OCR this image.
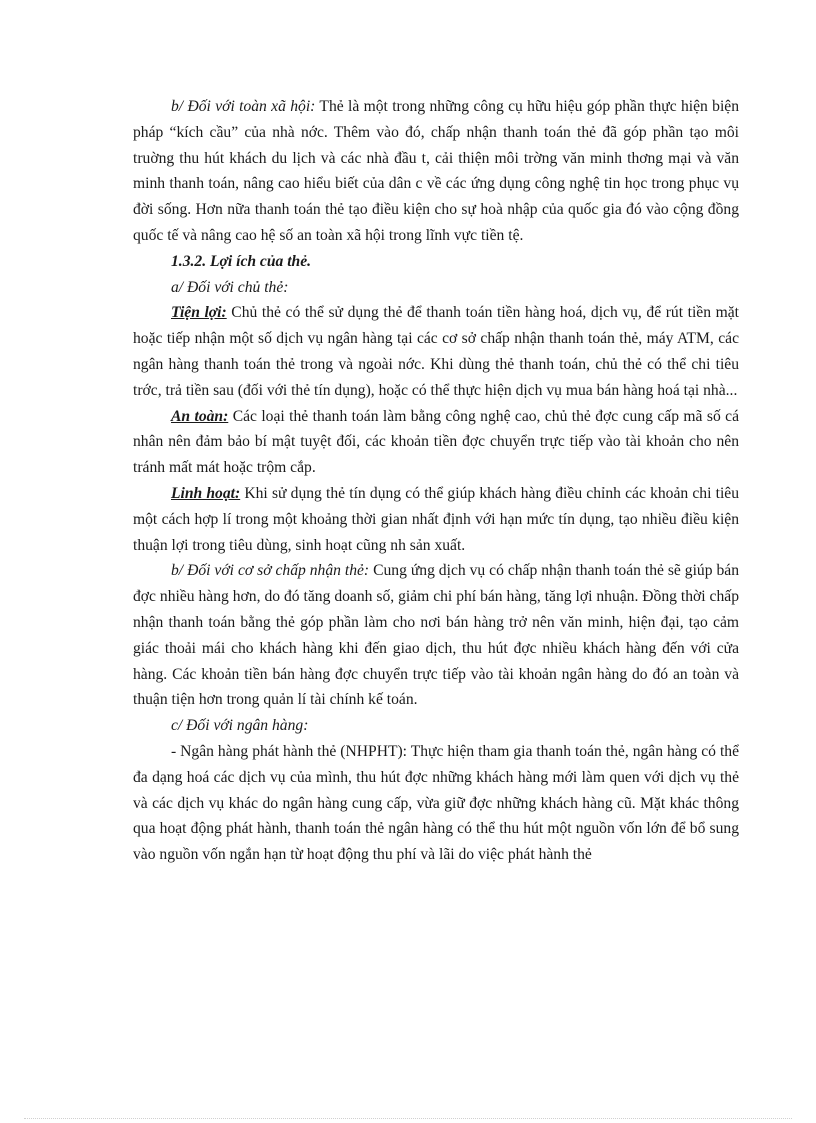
b/ Đối với toàn xã hội: Thẻ là một trong những công cụ hữu hiệu góp phần thực hiện biện pháp “kích cầu” của nhà nớc. Thêm vào đó, chấp nhận thanh toán thẻ đã góp phần tạo môi truờng thu hút khách du lịch và các nhà đầu t, cải thiện môi trờng văn minh thơng mại và văn minh thanh toán, nâng cao hiểu biết của dân c về các ứng dụng công nghệ tin học trong phục vụ đời sống. Hơn nữa thanh toán thẻ tạo điều kiện cho sự hoà nhập của quốc gia đó vào cộng đồng quốc tế và nâng cao hệ số an toàn xã hội trong lĩnh vực tiền tệ.

1.3.2. Lợi ích của thẻ.

a/ Đối với chủ thẻ:

Tiện lợi: Chủ thẻ có thể sử dụng thẻ để thanh toán tiền hàng hoá, dịch vụ, để rút tiền mặt hoặc tiếp nhận một số dịch vụ ngân hàng tại các cơ sở chấp nhận thanh toán thẻ, máy ATM, các ngân hàng thanh toán thẻ trong và ngoài nớc. Khi dùng thẻ thanh toán, chủ thẻ có thể chi tiêu trớc, trả tiền sau (đối với thẻ tín dụng), hoặc có thể thực hiện dịch vụ mua bán hàng hoá tại nhà...

An toàn: Các loại thẻ thanh toán làm bằng công nghệ cao, chủ thẻ đợc cung cấp mã số cá nhân nên đảm bảo bí mật tuyệt đối, các khoản tiền đợc chuyển trực tiếp vào tài khoản cho nên tránh mất mát hoặc trộm cắp.

Linh hoạt: Khi sử dụng thẻ tín dụng có thể giúp khách hàng điều chỉnh các khoản chi tiêu một cách hợp lí trong một khoảng thời gian nhất định với hạn mức tín dụng, tạo nhiều điều kiện thuận lợi trong tiêu dùng, sinh hoạt cũng nh sản xuất.

b/ Đối với cơ sở chấp nhận thẻ: Cung ứng dịch vụ có chấp nhận thanh toán thẻ sẽ giúp bán đợc nhiều hàng hơn, do đó tăng doanh số, giảm chi phí bán hàng, tăng lợi nhuận. Đồng thời chấp nhận thanh toán bằng thẻ góp phần làm cho nơi bán hàng trở nên văn minh, hiện đại, tạo cảm giác thoải mái cho khách hàng khi đến giao dịch, thu hút đợc nhiều khách hàng đến với cửa hàng. Các khoản tiền bán hàng đợc chuyển trực tiếp vào tài khoản ngân hàng do đó an toàn và thuận tiện hơn trong quản lí tài chính kế toán.

c/ Đối với ngân hàng:

- Ngân hàng phát hành thẻ (NHPHT): Thực hiện tham gia thanh toán thẻ, ngân hàng có thể đa dạng hoá các dịch vụ của mình, thu hút đợc những khách hàng mới làm quen với dịch vụ thẻ và các dịch vụ khác do ngân hàng cung cấp, vừa giữ đợc những khách hàng cũ. Mặt khác thông qua hoạt động phát hành, thanh toán thẻ ngân hàng có thể thu hút một nguồn vốn lớn để bổ sung vào nguồn vốn ngắn hạn từ hoạt động thu phí và lãi do việc phát hành thẻ
